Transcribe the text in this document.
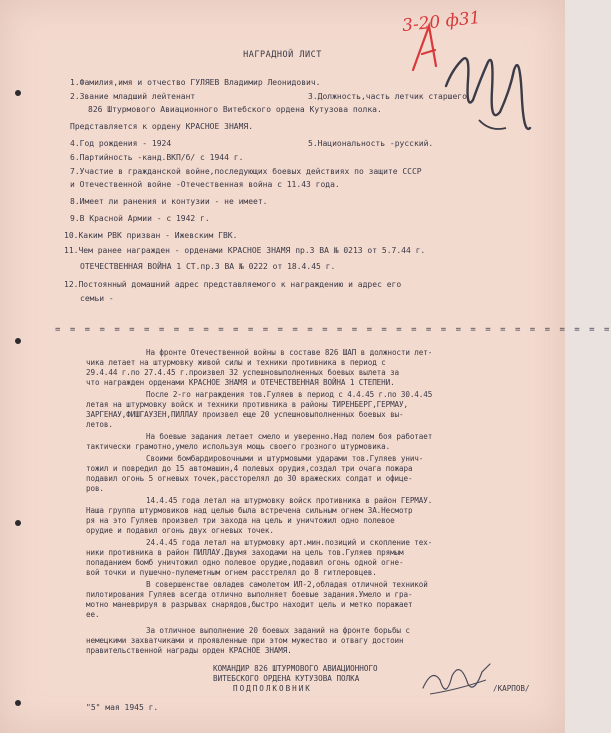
3-20 ф31
НАГРАДНОЙ ЛИСТ
1.Фамилия,имя и отчество ГУЛЯЕВ Владимир Леонидович.
2.Звание младший лейтенант	3.Должность,часть летчик старшего
826 Штурмового Авиационного Витебского ордена Кутузова полка.
Представляется к ордену КРАСНОЕ ЗНАМЯ.
4.Год рождения - 1924	5.Национальность -русский.
6.Партийность -канд.ВКП/б/ с 1944 г.
7.Участие в гражданской войне,последующих боевых действиях по защите СССР
и Отечественной войне -Отечественная война с 11.43 года.
8.Имеет ли ранения и контузии - не имеет.
9.В Красной Армии - с 1942 г.
10.Каким РВК призван - Ижевским ГВК.
11.Чем ранее награжден - орденами КРАСНОЕ ЗНАМЯ пр.3 ВА № 0213 от 5.7.44 г.
ОТЕЧЕСТВЕННАЯ ВОЙНА 1 СТ.пр.3 ВА № 0222 от 18.4.45 г.
12.Постоянный домашний адрес представляемого к награждению и адрес его
семьи -
= = = = = = = = = = = = = = = = = = = = = = = = = = = = = = = = = = = = = =
На фронте Отечественной войны в составе 826 ШАП в должности лет-
чика летает на штурмовку живой силы и техники противника в период с
29.4.44 г.по 27.4.45 г.произвел 32 успешновыполненных боевых вылета за
что награжден орденами КРАСНОЕ ЗНАМЯ и ОТЕЧЕСТВЕННАЯ ВОЙНА 1 СТЕПЕНИ.
После 2-го награждения тов.Гуляев в период с 4.4.45 г.по 30.4.45
летая на штурмовку войск и техники противника в районы ТИРЕНБЕРГ,ГЕРМАУ,
ЗАРГЕНАУ,ФИШГАУЗЕН,ПИЛЛАУ произвел еще 20 успешновыполненных боевых вы-
летов.
На боевые задания летает смело и уверенно.Над полем боя работает
тактически грамотно,умело используя мощь своего грозного штурмовика.
Своими бомбардировочными и штурмовыми ударами тов.Гуляев унич-
тожил и повредил до 15 автомашин,4 полевых орудия,создал три очага пожара
подавил огонь 5 огневых точек,рассторелял до 30 вражеских солдат и офице-
ров.
14.4.45 года летал на штурмовку войск противника в район ГЕРМАУ.
Наша группа штурмовиков над целью была встречена сильным огнем ЗА.Несмотр
ря на это Гуляев произвел три захода на цель и уничтожил одно полевое
орудие и подавил огонь двух огневых точек.
24.4.45 года летал на штурмовку арт.мин.позиций и скопление тех-
ники противника в район ПИЛЛАУ.Двумя заходами на цель тов.Гуляев прямым
попаданием бомб уничтожил одно полевое орудие,подавил огонь одной огне-
вой точки и пушечно-пулеметным огнем расстрелял до 8 гитлеровцев.
В совершенстве овладев самолетом ИЛ-2,обладая отличной техникой
пилотирования Гуляев всегда отлично выполняет боевые задания.Умело и гра-
мотно маневрируя в разрывах снарядов,быстро находит цель и метко поражает
ее.
За отличное выполнение 20 боевых заданий на фронте борьбы с
немецкими захватчиками и проявленные при этом мужество и отвагу достоин
правительственной награды орден КРАСНОЕ ЗНАМЯ.
КОМАНДИР 826 ШТУРМОВОГО АВИАЦИОННОГО
ВИТЕБСКОГО ОРДЕНА КУТУЗОВА ПОЛКА
ПОДПОЛКОВНИК	/КАРПОВ/
"5" мая 1945 г.
